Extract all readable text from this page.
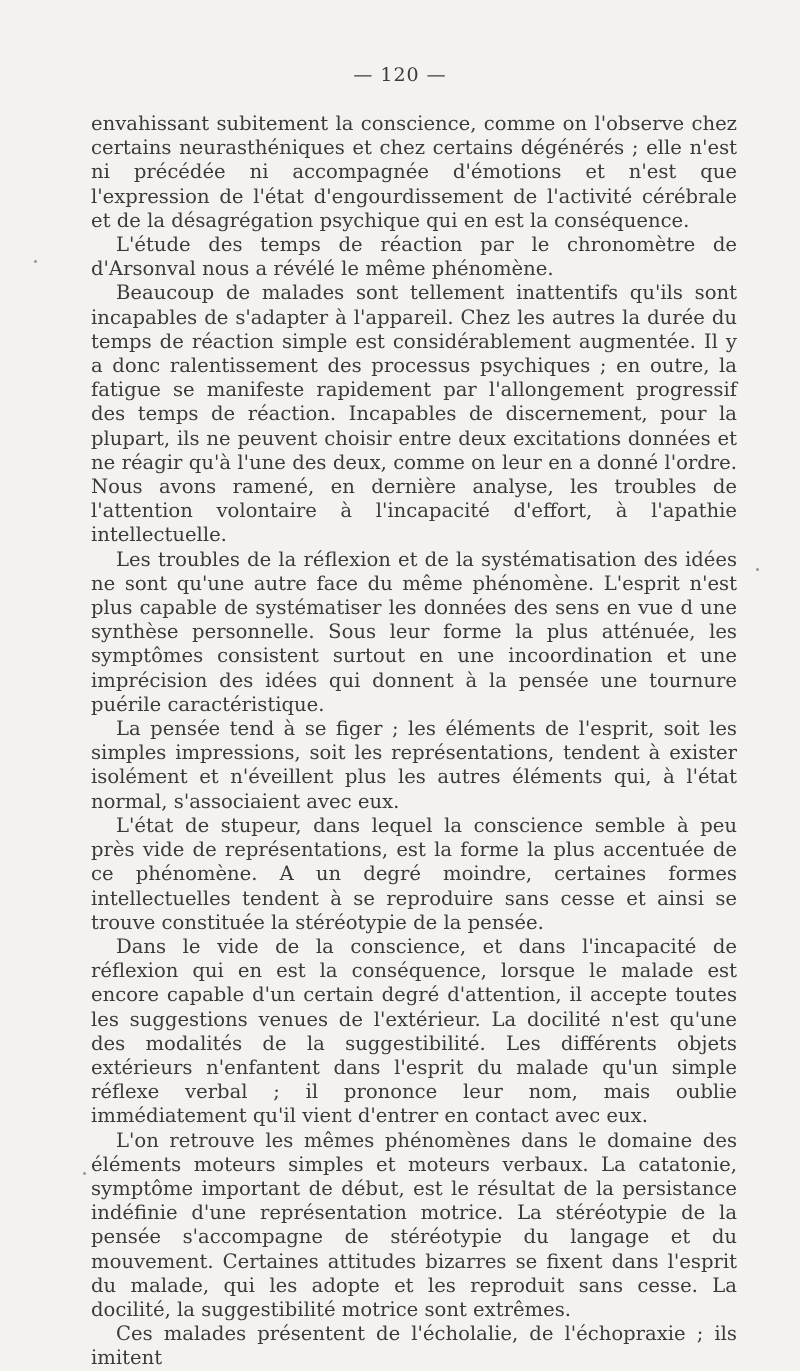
— 120 —

envahissant subitement la conscience, comme on l'observe chez certains neurasthéniques et chez certains dégénérés ; elle n'est ni précédée ni accompagnée d'émotions et n'est que l'expression de l'état d'engourdissement de l'activité cérébrale et de la désagrégation psychique qui en est la conséquence.

L'étude des temps de réaction par le chronomètre de d'Arsonval nous a révélé le même phénomène.

Beaucoup de malades sont tellement inattentifs qu'ils sont incapables de s'adapter à l'appareil. Chez les autres la durée du temps de réaction simple est considérablement augmentée. Il y a donc ralentissement des processus psychiques ; en outre, la fatigue se manifeste rapidement par l'allongement progressif des temps de réaction. Incapables de discernement, pour la plupart, ils ne peuvent choisir entre deux excitations données et ne réagir qu'à l'une des deux, comme on leur en a donné l'ordre. Nous avons ramené, en dernière analyse, les troubles de l'attention volontaire à l'incapacité d'effort, à l'apathie intellectuelle.

Les troubles de la réflexion et de la systématisation des idées ne sont qu'une autre face du même phénomène. L'esprit n'est plus capable de systématiser les données des sens en vue d une synthèse personnelle. Sous leur forme la plus atténuée, les symptômes consistent surtout en une incoordination et une imprécision des idées qui donnent à la pensée une tournure puérile caractéristique.

La pensée tend à se figer ; les éléments de l'esprit, soit les simples impressions, soit les représentations, tendent à exister isolément et n'éveillent plus les autres éléments qui, à l'état normal, s'associaient avec eux.

L'état de stupeur, dans lequel la conscience semble à peu près vide de représentations, est la forme la plus accentuée de ce phénomène. A un degré moindre, certaines formes intellectuelles tendent à se reproduire sans cesse et ainsi se trouve constituée la stéréotypie de la pensée.

Dans le vide de la conscience, et dans l'incapacité de réflexion qui en est la conséquence, lorsque le malade est encore capable d'un certain degré d'attention, il accepte toutes les suggestions venues de l'extérieur. La docilité n'est qu'une des modalités de la suggestibilité. Les différents objets extérieurs n'enfantent dans l'esprit du malade qu'un simple réflexe verbal ; il prononce leur nom, mais oublie immédiatement qu'il vient d'entrer en contact avec eux.

L'on retrouve les mêmes phénomènes dans le domaine des éléments moteurs simples et moteurs verbaux. La catatonie, symptôme important de début, est le résultat de la persistance indéfinie d'une représentation motrice. La stéréotypie de la pensée s'accompagne de stéréotypie du langage et du mouvement. Certaines attitudes bizarres se fixent dans l'esprit du malade, qui les adopte et les reproduit sans cesse. La docilité, la suggestibilité motrice sont extrêmes.

Ces malades présentent de l'écholalie, de l'échopraxie ; ils imitent
